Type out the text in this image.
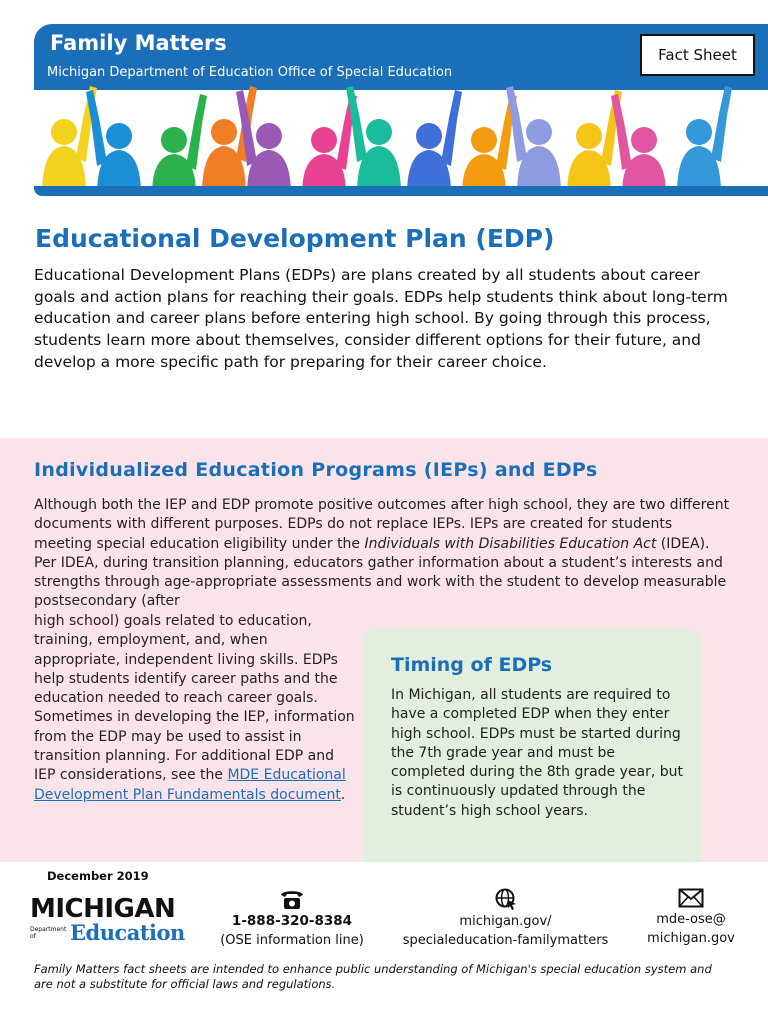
Family Matters
Michigan Department of Education Office of Special Education
Fact Sheet
Educational Development Plan (EDP)

Educational Development Plans (EDPs) are plans created by all students about career goals and action plans for reaching their goals. EDPs help students think about long-term education and career plans before entering high school. By going through this process, students learn more about themselves, consider different options for their future, and develop a more specific path for preparing for their career choice.

Individualized Education Programs (IEPs) and EDPs

Although both the IEP and EDP promote positive outcomes after high school, they are two different documents with different purposes. EDPs do not replace IEPs. IEPs are created for students meeting special education eligibility under the Individuals with Disabilities Education Act (IDEA). Per IDEA, during transition planning, educators gather information about a student’s interests and strengths through age-appropriate assessments and work with the student to develop measurable postsecondary (after

high school) goals related to education, training, employment, and, when appropriate, independent living skills. EDPs help students identify career paths and the education needed to reach career goals. Sometimes in developing the IEP, information from the EDP may be used to assist in transition planning. For additional EDP and IEP considerations, see the MDE Educational Development Plan Fundamentals document.

Timing of EDPs

In Michigan, all students are required to have a completed EDP when they enter high school. EDPs must be started during the 7th grade year and must be completed during the 8th grade year, but is continuously updated through the student’s high school years.

December 2019
MICHIGAN
Department of	Education	1-888-320-8384
(OSE information line)
michigan.gov/
specialeducation-familymatters
mde-ose@
michigan.gov

Family Matters fact sheets are intended to enhance public understanding of Michigan's special education system and are not a substitute for official laws and regulations.
